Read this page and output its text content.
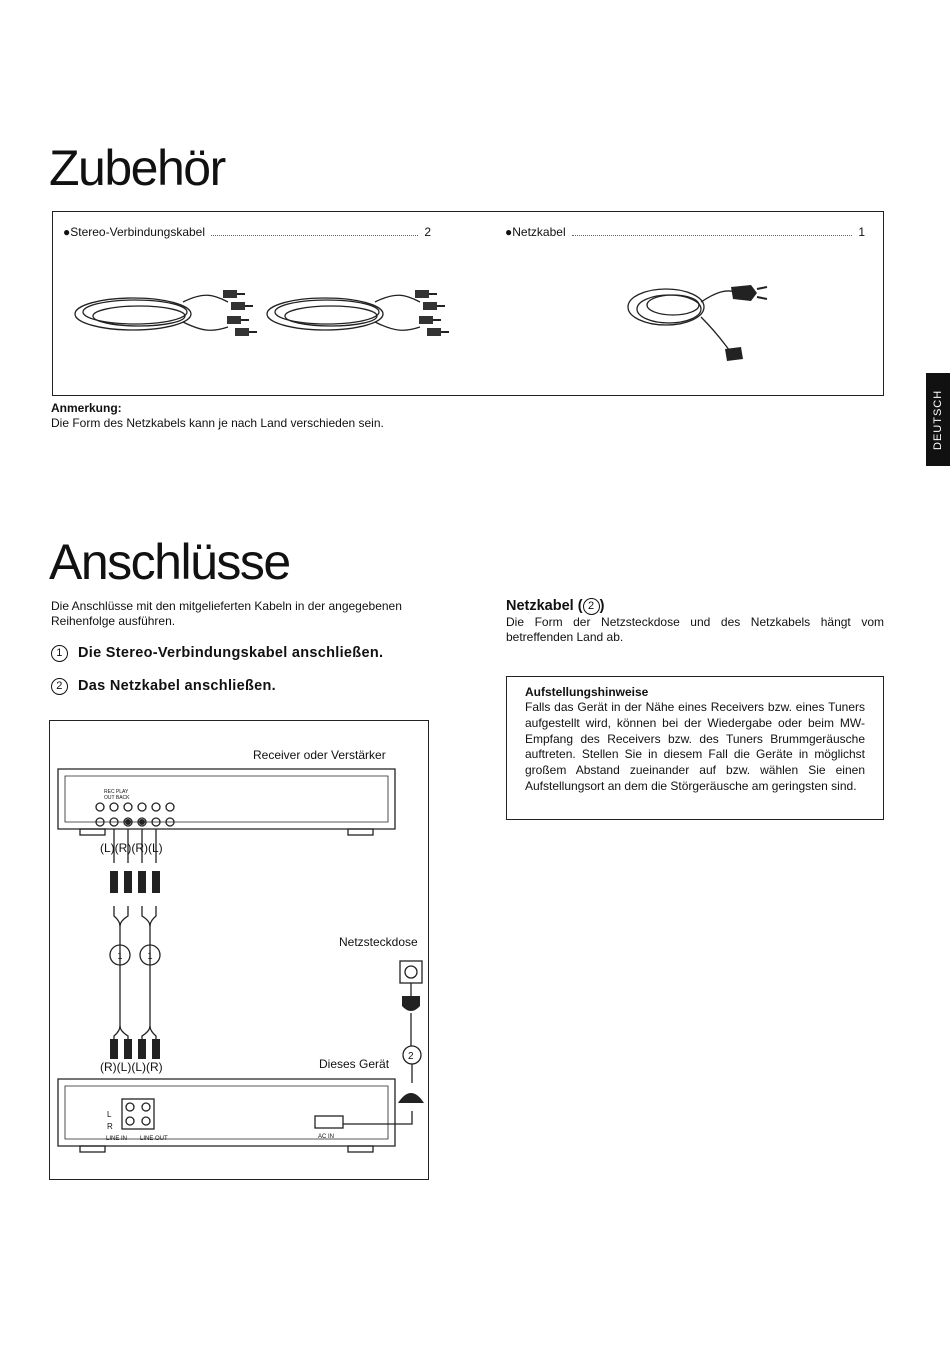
DEUTSCH
Zubehör
● Stereo-Verbindungskabel	2	● Netzkabel	1
Anmerkung:
Die Form des Netzkabels kann je nach Land verschieden sein.
Anschlüsse
Die Anschlüsse mit den mitgelieferten Kabeln in der angegebenen Reihenfolge ausführen.
1 Die Stereo-Verbindungskabel anschließen.
2 Das Netzkabel anschließen.
REC PLAY
OUT BACK
1	1
L
R
LINE IN LINE OUT	AC IN
2
Receiver oder Verstärker
(L)(R)(R)(L)
Netzsteckdose
Dieses Gerät
(R)(L)(L)(R)
Netzkabel ( 2 )
Die Form der Netzsteckdose und des Netzkabels hängt vom betreffenden Land ab.
Aufstellungshinweise
Falls das Gerät in der Nähe eines Receivers bzw. eines Tuners aufgestellt wird, können bei der Wiedergabe oder beim MW-Empfang des Receivers bzw. des Tuners Brummgeräusche auftreten. Stellen Sie in diesem Fall die Geräte in möglichst großem Abstand zueinander auf bzw. wählen Sie einen Aufstellungsort an dem die Störgeräusche am geringsten sind.
